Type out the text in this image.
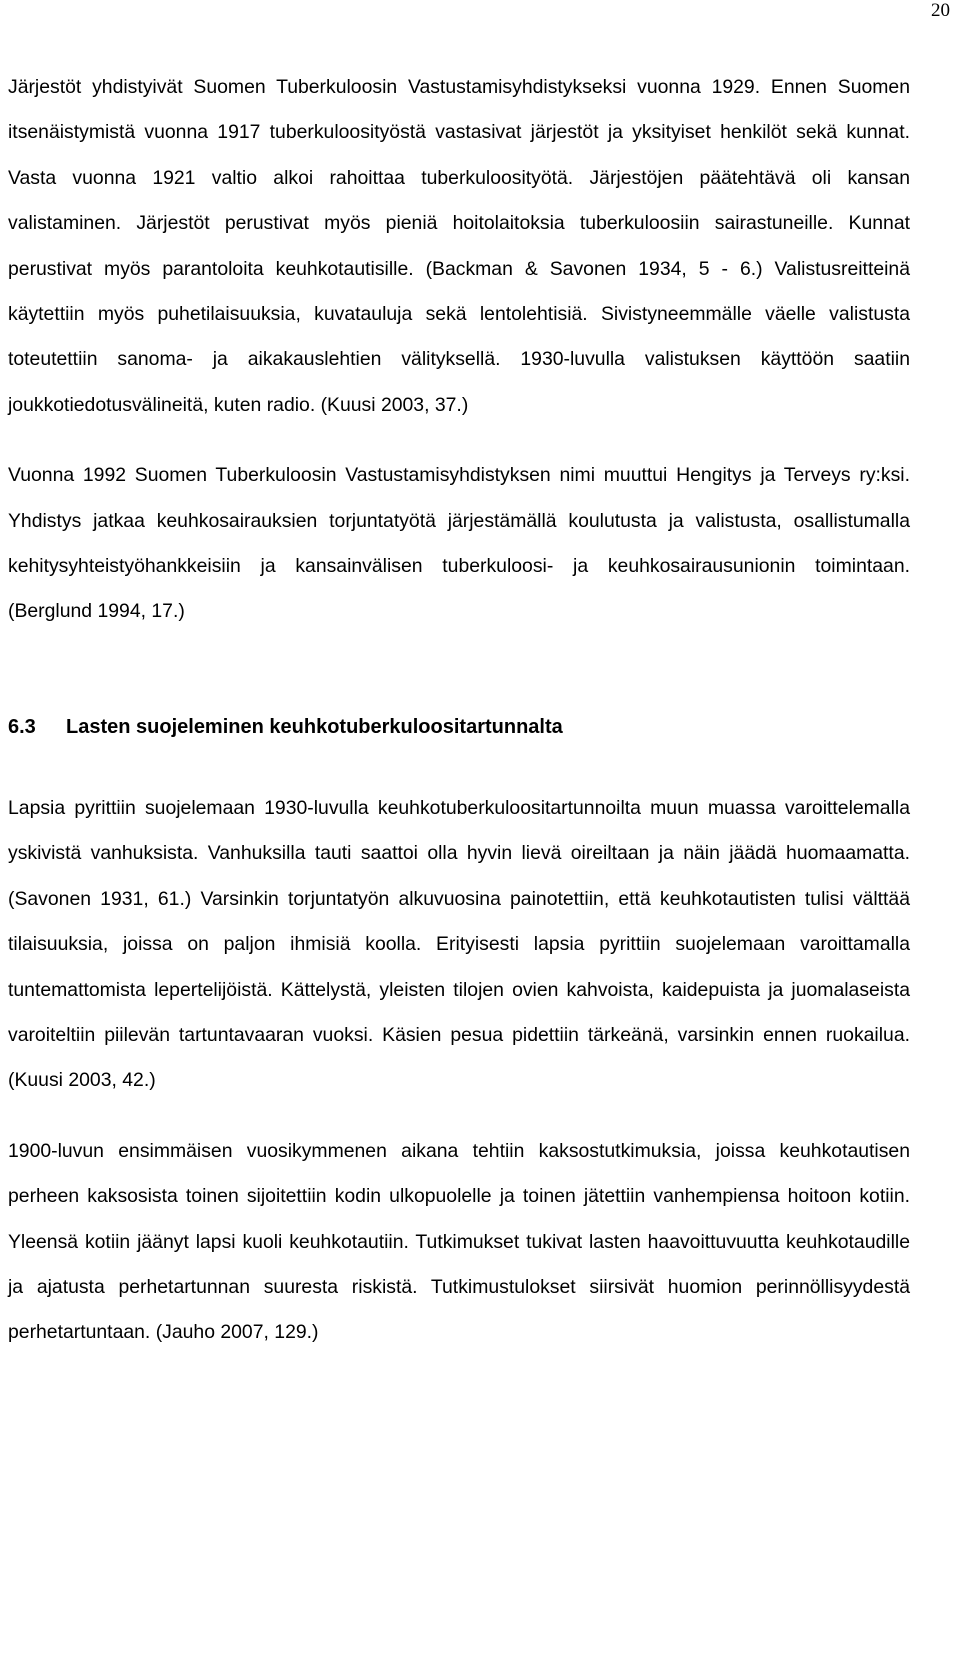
20

Järjestöt yhdistyivät Suomen Tuberkuloosin Vastustamisyhdistykseksi vuonna 1929. Ennen Suomen itsenäistymistä vuonna 1917 tuberkuloosityöstä vastasivat järjestöt ja yksityiset henkilöt sekä kunnat. Vasta vuonna 1921 valtio alkoi rahoittaa tuberkuloosityötä. Järjestöjen päätehtävä oli kansan valistaminen. Järjestöt perustivat myös pieniä hoitolaitoksia tuberkuloosiin sairastuneille. Kunnat perustivat myös parantoloita keuhkotautisille. (Backman & Savonen 1934, 5 - 6.) Valistusreitteinä käytettiin myös puhetilaisuuksia, kuvatauluja sekä lentolehtisiä. Sivistyneemmälle väelle valistusta toteutettiin sanoma- ja aikakauslehtien välityksellä. 1930-luvulla valistuksen käyttöön saatiin joukkotiedotusvälineitä, kuten radio. (Kuusi 2003, 37.)

Vuonna 1992 Suomen Tuberkuloosin Vastustamisyhdistyksen nimi muuttui Hengitys ja Terveys ry:ksi. Yhdistys jatkaa keuhkosairauksien torjuntatyötä järjestämällä koulutusta ja valistusta, osallistumalla kehitysyhteistyöhankkeisiin ja kansainvälisen tuberkuloosi- ja keuhkosairausunionin toimintaan. (Berglund 1994, 17.)

6.3	Lasten suojeleminen keuhkotuberkuloositartunnalta

Lapsia pyrittiin suojelemaan 1930-luvulla keuhkotuberkuloositartunnoilta muun muassa varoittelemalla yskivistä vanhuksista. Vanhuksilla tauti saattoi olla hyvin lievä oireiltaan ja näin jäädä huomaamatta. (Savonen 1931, 61.) Varsinkin torjuntatyön alkuvuosina painotettiin, että keuhkotautisten tulisi välttää tilaisuuksia, joissa on paljon ihmisiä koolla. Erityisesti lapsia pyrittiin suojelemaan varoittamalla tuntemattomista lepertelijöistä. Kättelystä, yleisten tilojen ovien kahvoista, kaidepuista ja juomalaseista varoiteltiin piilevän tartuntavaaran vuoksi. Käsien pesua pidettiin tärkeänä, varsinkin ennen ruokailua. (Kuusi 2003, 42.)

1900-luvun ensimmäisen vuosikymmenen aikana tehtiin kaksostutkimuksia, joissa keuhkotautisen perheen kaksosista toinen sijoitettiin kodin ulkopuolelle ja toinen jätettiin vanhempiensa hoitoon kotiin. Yleensä kotiin jäänyt lapsi kuoli keuhkotautiin. Tutkimukset tukivat lasten haavoittuvuutta keuhkotaudille ja ajatusta perhetartunnan suuresta riskistä. Tutkimustulokset siirsivät huomion perinnöllisyydestä perhetartuntaan. (Jauho 2007, 129.)
